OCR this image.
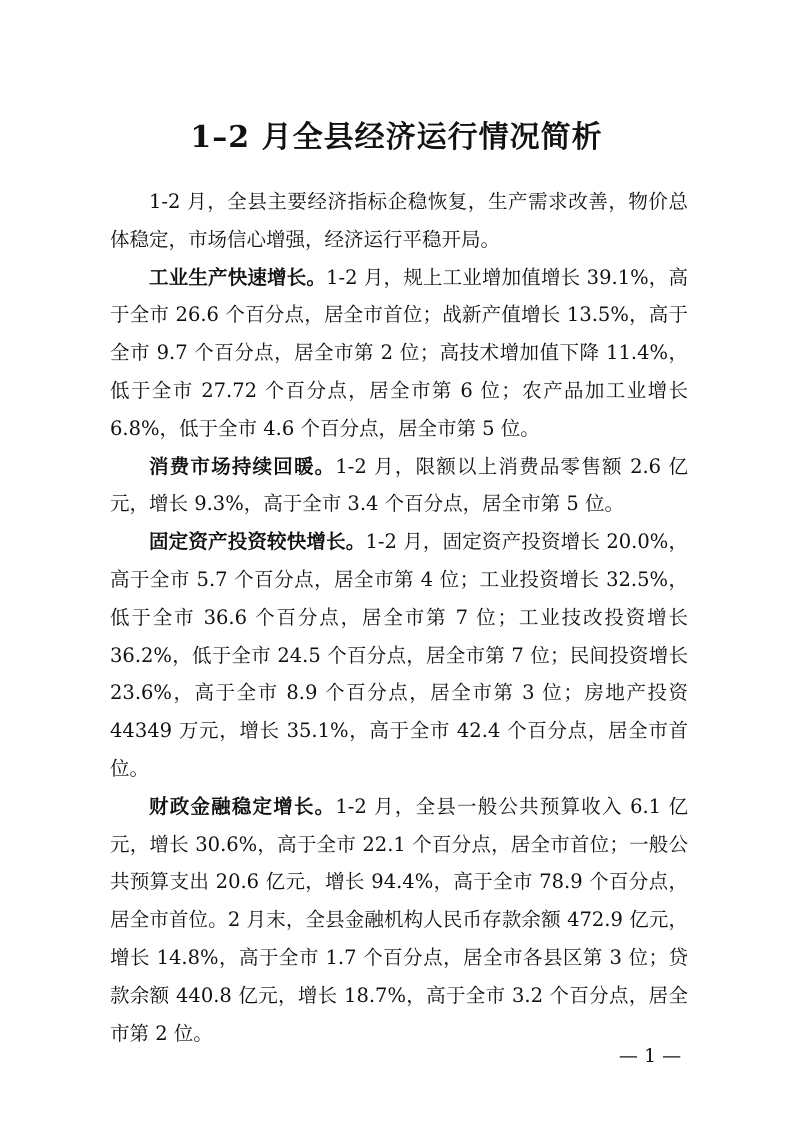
1–2 月全县经济运行情况简析

1-2 月，全县主要经济指标企稳恢复，生产需求改善，物价总体稳定，市场信心增强，经济运行平稳开局。

工业生产快速增长。1-2 月，规上工业增加值增长 39.1%，高于全市 26.6 个百分点，居全市首位；战新产值增长 13.5%，高于全市 9.7 个百分点，居全市第 2 位；高技术增加值下降 11.4%，低于全市 27.72 个百分点，居全市第 6 位；农产品加工业增长 6.8%，低于全市 4.6 个百分点，居全市第 5 位。

消费市场持续回暖。1-2 月，限额以上消费品零售额 2.6 亿元，增长 9.3%，高于全市 3.4 个百分点，居全市第 5 位。

固定资产投资较快增长。1-2 月，固定资产投资增长 20.0%，高于全市 5.7 个百分点，居全市第 4 位；工业投资增长 32.5%，低于全市 36.6 个百分点，居全市第 7 位；工业技改投资增长 36.2%，低于全市 24.5 个百分点，居全市第 7 位；民间投资增长 23.6%，高于全市 8.9 个百分点，居全市第 3 位；房地产投资 44349 万元，增长 35.1%，高于全市 42.4 个百分点，居全市首位。

财政金融稳定增长。1-2 月，全县一般公共预算收入 6.1 亿元，增长 30.6%，高于全市 22.1 个百分点，居全市首位；一般公共预算支出 20.6 亿元，增长 94.4%，高于全市 78.9 个百分点，居全市首位。2 月末，全县金融机构人民币存款余额 472.9 亿元，增长 14.8%，高于全市 1.7 个百分点，居全市各县区第 3 位；贷款余额 440.8 亿元，增长 18.7%，高于全市 3.2 个百分点，居全市第 2 位。

— 1 —
